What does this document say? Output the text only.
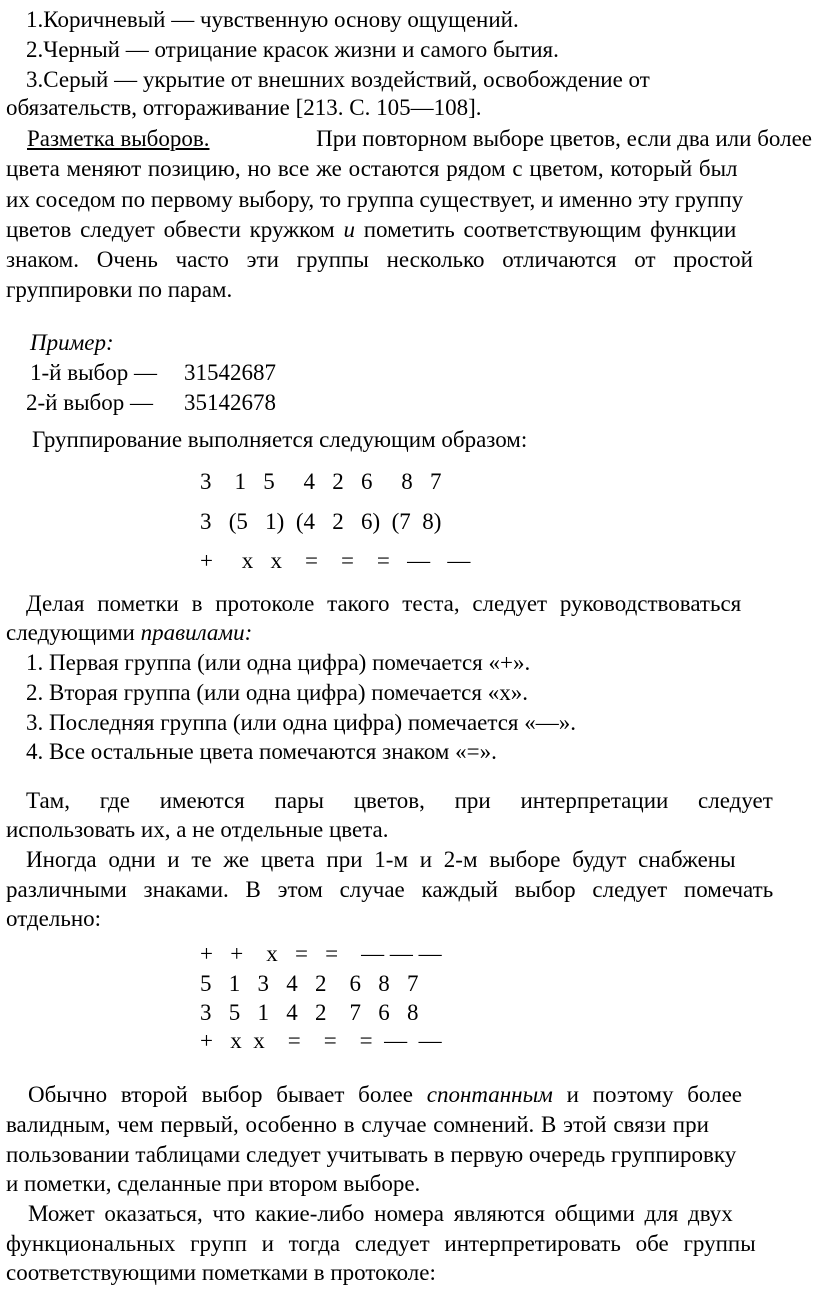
1.Коричневый — чувственную основу ощущений.
2.Черный — отрицание красок жизни и самого бытия.
3.Серый — укрытие от внешних воздействий, освобождение от
обязательств, отгораживание [213. С. 105—108].
Разметка выборов.	При повторном выборе цветов, если два или более
цвета меняют позицию, но все же остаются рядом с цветом, который был
их соседом по первому выбору, то группа существует, и именно эту группу
цветов следует обвести кружком и пометить соответствующим функции
знаком. Очень часто эти группы несколько отличаются от простой
группировки по парам.
Пример:
1-й выбор — 31542687
2-й выбор — 35142678
Группирование выполняется следующим образом:
3    1   5     4   2   6     8   7
3   (5   1)  (4   2   6)  (7  8)
+     x   x    =    =    =   —   —
Делая пометки в протоколе такого теста, следует руководствоваться
следующими правилами:
1. Первая группа (или одна цифра) помечается «+».
2. Вторая группа (или одна цифра) помечается «х».
3. Последняя группа (или одна цифра) помечается «—».
4. Все остальные цвета помечаются знаком «=».
Там, где имеются пары цветов, при интерпретации следует
использовать их, а не отдельные цвета.
Иногда одни и те же цвета при 1-м и 2-м выборе будут снабжены
различными знаками. В этом случае каждый выбор следует помечать
отдельно:
+   +    x   =   =    — — —
5   1   3   4   2    6   8   7
3   5   1   4   2    7   6   8
+   x  x    =    =    =  —  —
Обычно второй выбор бывает более спонтанным и поэтому более
валидным, чем первый, особенно в случае сомнений. В этой связи при
пользовании таблицами следует учитывать в первую очередь группировку
и пометки, сделанные при втором выборе.
Может оказаться, что какие-либо номера являются общими для двух
функциональных групп и тогда следует интерпретировать обе группы
соответствующими пометками в протоколе:
